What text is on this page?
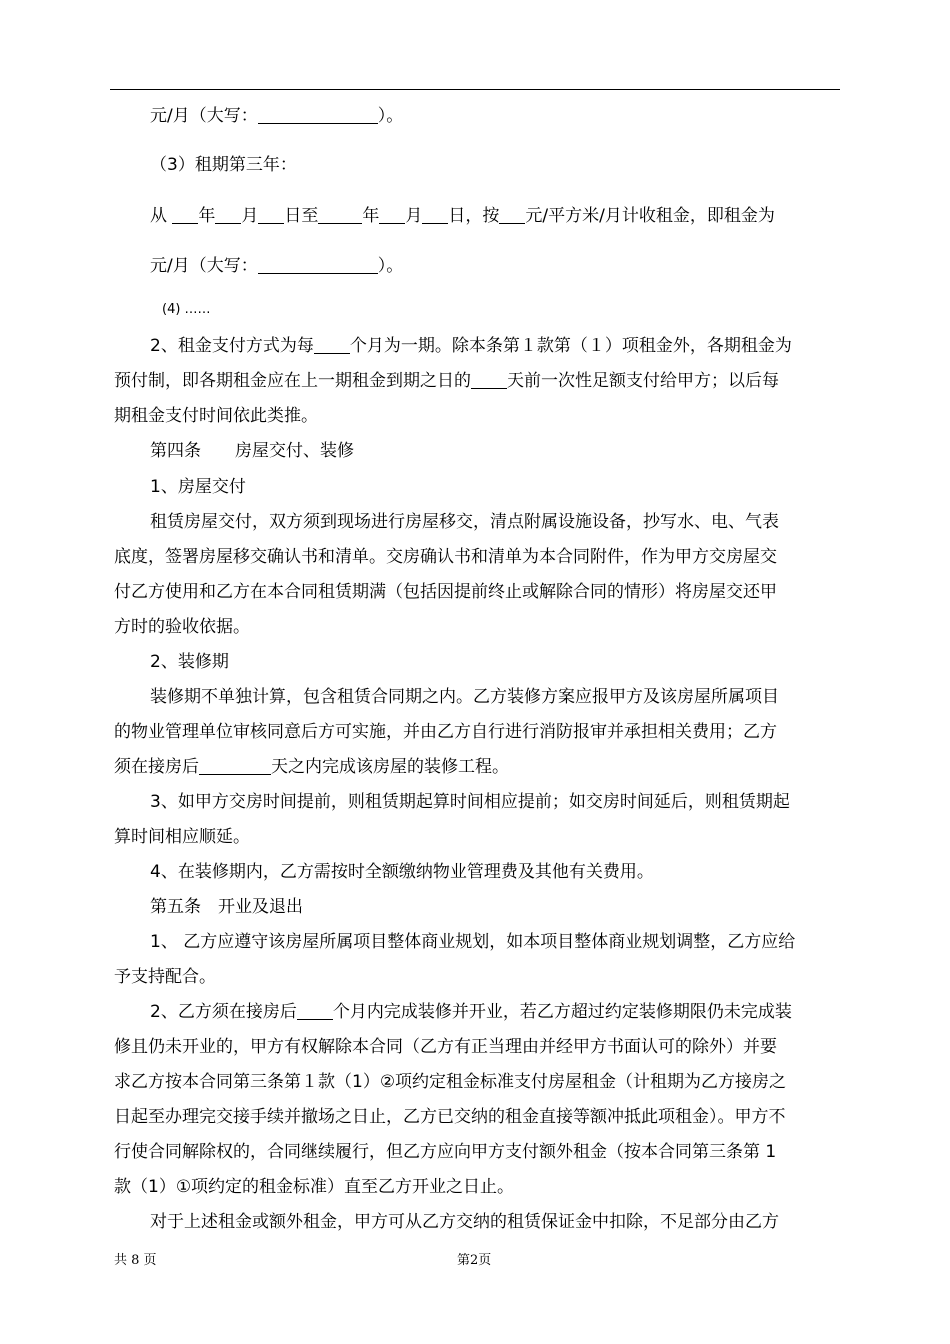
元/月（大写：	）。
（3）租期第三年：
从 年 月 日至	年 月 日，按 元/平方米/月计收租金，即租金为
元/月（大写：	）。
(4) ……
2、租金支付方式为每 个月为一期。除本条第１款第（１）项租金外，各期租金为
预付制，即各期租金应在上一期租金到期之日的 天前一次性足额支付给甲方；以后每
期租金支付时间依此类推。
第四条　　房屋交付、装修
1、房屋交付
租赁房屋交付，双方须到现场进行房屋移交，清点附属设施设备，抄写水、电、气表
底度，签署房屋移交确认书和清单。交房确认书和清单为本合同附件，作为甲方交房屋交
付乙方使用和乙方在本合同租赁期满（包括因提前终止或解除合同的情形）将房屋交还甲
方时的验收依据。
2、装修期
装修期不单独计算，包含租赁合同期之内。乙方装修方案应报甲方及该房屋所属项目
的物业管理单位审核同意后方可实施，并由乙方自行进行消防报审并承担相关费用；乙方
须在接房后	天之内完成该房屋的装修工程。
3、如甲方交房时间提前，则租赁期起算时间相应提前；如交房时间延后，则租赁期起
算时间相应顺延。
4、在装修期内，乙方需按时全额缴纳物业管理费及其他有关费用。
第五条　开业及退出
1、 乙方应遵守该房屋所属项目整体商业规划，如本项目整体商业规划调整，乙方应给
予支持配合。
2、乙方须在接房后 个月内完成装修并开业，若乙方超过约定装修期限仍未完成装
修且仍未开业的，甲方有权解除本合同（乙方有正当理由并经甲方书面认可的除外）并要
求乙方按本合同第三条第１款（1）②项约定租金标准支付房屋租金（计租期为乙方接房之
日起至办理完交接手续并撤场之日止，乙方已交纳的租金直接等额冲抵此项租金）。甲方不
行使合同解除权的，合同继续履行，但乙方应向甲方支付额外租金（按本合同第三条第 1
款（1）①项约定的租金标准）直至乙方开业之日止。
对于上述租金或额外租金，甲方可从乙方交纳的租赁保证金中扣除，不足部分由乙方
共 8 页	第2页
